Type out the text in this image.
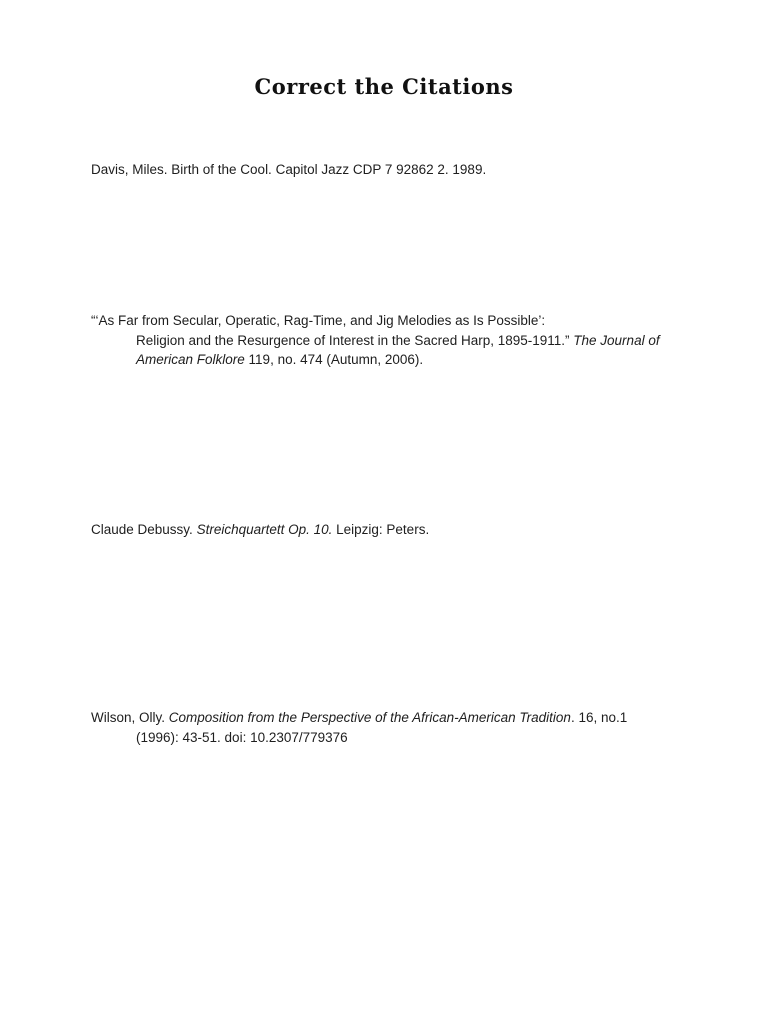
Correct the Citations
Davis, Miles. Birth of the Cool. Capitol Jazz CDP 7 92862 2. 1989.
“‘As Far from Secular, Operatic, Rag-Time, and Jig Melodies as Is Possible’:
Religion and the Resurgence of Interest in the Sacred Harp, 1895-1911.” The Journal of
American Folklore 119, no. 474 (Autumn, 2006).
Claude Debussy. Streichquartett Op. 10. Leipzig: Peters.
Wilson, Olly. Composition from the Perspective of the African-American Tradition. 16, no.1
(1996): 43-51. doi: 10.2307/779376
